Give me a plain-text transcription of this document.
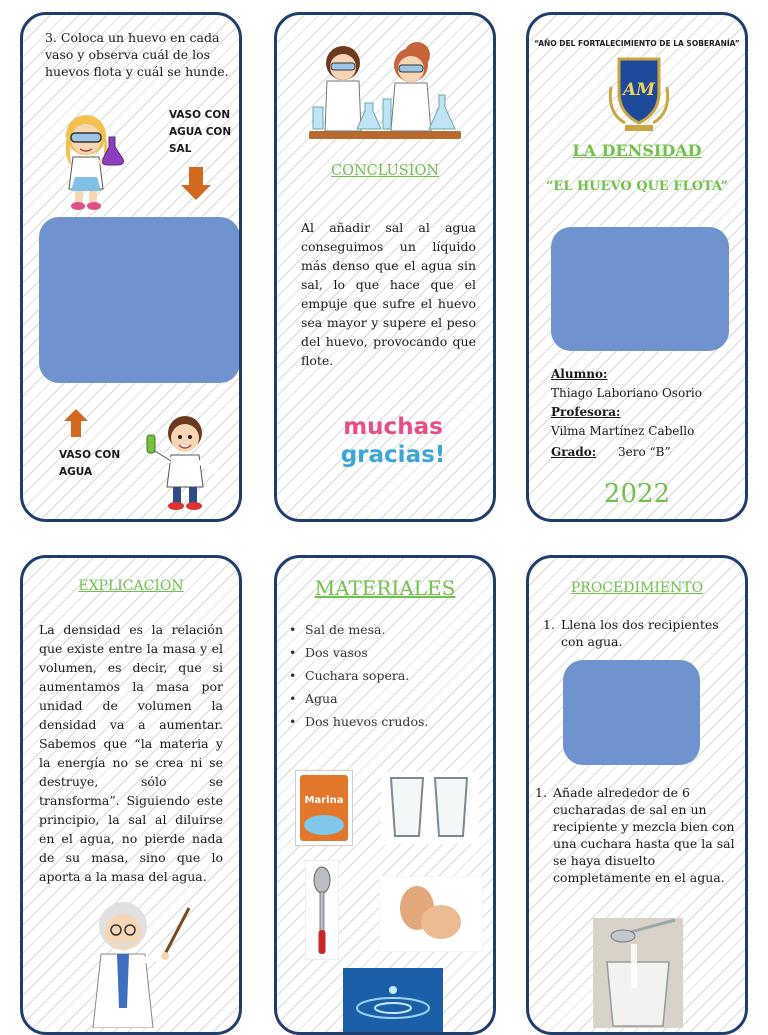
3. Coloca un huevo en cada vaso y observa cuál de los huevos flota y cuál se hunde.
VASO CON
AGUA CON
SAL
VASO CON
AGUA
CONCLUSION
Al añadir sal al agua conseguimos un líquido más denso que el agua sin sal, lo que hace que el empuje que sufre el huevo sea mayor y supere el peso del huevo, provocando que flote.
muchas
gracias!
“AÑO DEL FORTALECIMIENTO DE LA SOBERANÍA”
AM
LA DENSIDAD
“EL HUEVO QUE FLOTA”
Alumno:
Thiago Laboriano Osorio
Profesora:
Vilma Martínez Cabello
Grado: 3ero “B”
2022
EXPLICACION
La densidad es la relación que existe entre la masa y el volumen, es decir, que si aumentamos la masa por unidad de volumen la densidad va a aumentar. Sabemos que “la materia y la energía no se crea ni se destruye, sólo se transforma”. Siguiendo este principio, la sal al diluirse en el agua, no pierde nada de su masa, sino que lo aporta a la masa del agua.
MATERIALES
• Sal de mesa.
• Dos vasos
• Cuchara sopera.
• Agua
• Dos huevos crudos.
Marina
PROCEDIMIENTO
1. Llena los dos recipientes con agua.
1. Añade alrededor de 6 cucharadas de sal en un recipiente y mezcla bien con una cuchara hasta que la sal se haya disuelto completamente en el agua.
